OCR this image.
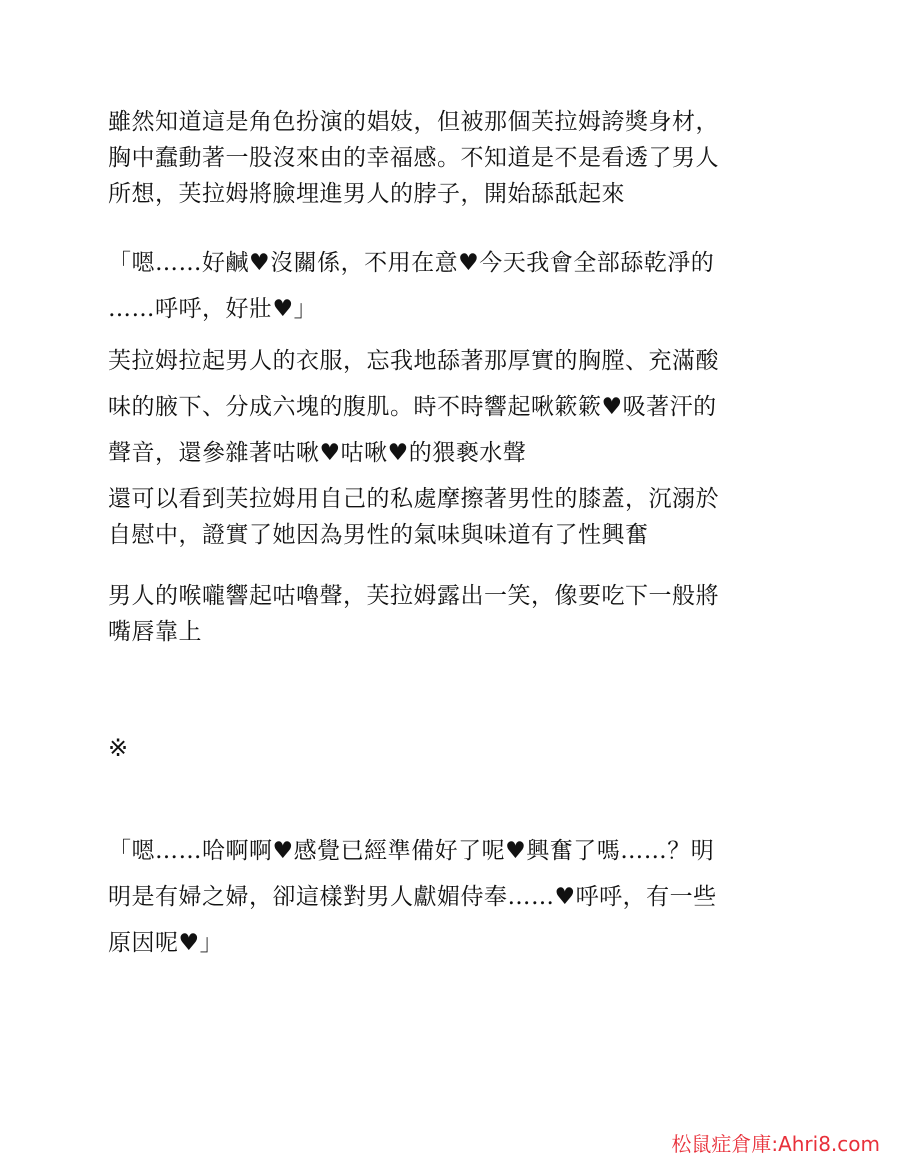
雖然知道這是角色扮演的娼妓，但被那個芙拉姆誇獎身材，
胸中蠢動著一股沒來由的幸福感。不知道是不是看透了男人
所想，芙拉姆將臉埋進男人的脖子，開始舔舐起來

「嗯……好鹹♥沒關係，不用在意♥今天我會全部舔乾淨的
……呼呼，好壯♥」

芙拉姆拉起男人的衣服，忘我地舔著那厚實的胸膛、充滿酸
味的腋下、分成六塊的腹肌。時不時響起啾簌簌♥吸著汗的
聲音，還參雜著咕啾♥咕啾♥的猥褻水聲

還可以看到芙拉姆用自己的私處摩擦著男性的膝蓋，沉溺於
自慰中，證實了她因為男性的氣味與味道有了性興奮

男人的喉嚨響起咕嚕聲，芙拉姆露出一笑，像要吃下一般將
嘴唇靠上

※

「嗯……哈啊啊♥感覺已經準備好了呢♥興奮了嗎……？明
明是有婦之婦，卻這樣對男人獻媚侍奉……♥呼呼，有一些
原因呢♥」

松鼠症倉庫:Ahri8.com
